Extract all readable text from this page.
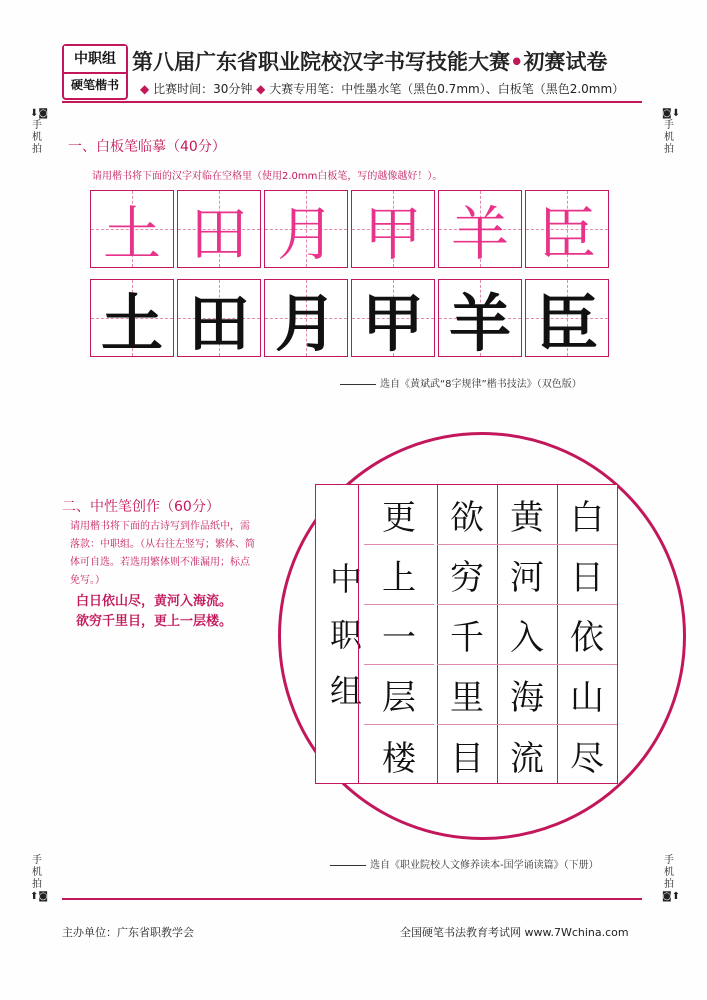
中职组
硬笔楷书
第八届广东省职业院校汉字书写技能大赛•初赛试卷
◆ 比赛时间：30分钟 ◆ 大赛专用笔：中性墨水笔（黑色0.7mm）、白板笔（黑色2.0mm）
⬇◙
手机拍
◙⬇
手机拍
手机拍
⬆◙
手机拍
◙⬆
一、白板笔临摹（40分）
请用楷书将下面的汉字对临在空格里（使用2.0mm白板笔，写的越像越好！）。
土 田 月 甲 羊 臣
土 田 月 甲 羊 臣
选自《黄斌武“8字规律”楷书技法》（双色版）
二、中性笔创作（60分）
请用楷书将下面的古诗写到作品纸中，需落款：中职组。（从右往左竖写；繁体、简体可自选。若选用繁体则不准漏用；标点免写。）
白日依山尽，黄河入海流。
欲穷千里目，更上一层楼。
中
职
组
更
上
一
层
楼
欲
穷
千
里
目
黄
河
入
海
流
白
日
依
山
尽
选自《职业院校人文修养读本-国学诵读篇》（下册）
主办单位：广东省职教学会	全国硬笔书法教育考试网 www.7Wchina.com
